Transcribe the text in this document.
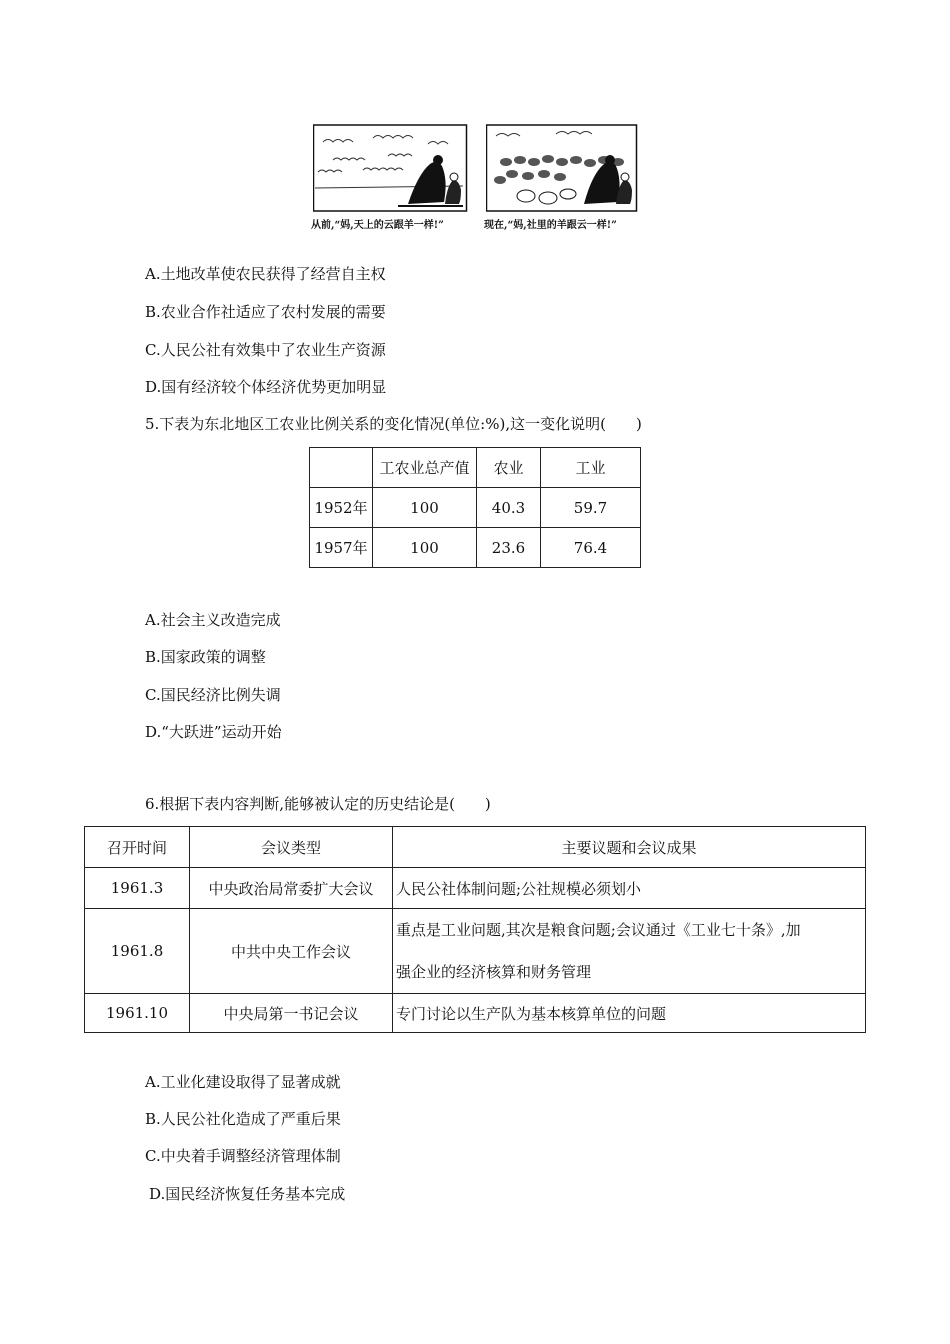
从前,“妈,天上的云跟羊一样!”	现在,“妈,社里的羊跟云一样!”
A.土地改革使农民获得了经营自主权
B.农业合作社适应了农村发展的需要
C.人民公社有效集中了农业生产资源
D.国有经济较个体经济优势更加明显
5.下表为东北地区工农业比例关系的变化情况(单位:%),这一变化说明(　　)
	工农业总产值	农业	工业
1952年	100	40.3	59.7
1957年	100	23.6	76.4
A.社会主义改造完成
B.国家政策的调整
C.国民经济比例失调
D.“大跃进”运动开始
6.根据下表内容判断,能够被认定的历史结论是(　　)
召开时间	会议类型	主要议题和会议成果
1961.3	中央政治局常委扩大会议	人民公社体制问题;公社规模必须划小
1961.8	中共中央工作会议	重点是工业问题,其次是粮食问题;会议通过《工业七十条》,加
强企业的经济核算和财务管理

1961.10	中央局第一书记会议	专门讨论以生产队为基本核算单位的问题
A.工业化建设取得了显著成就
B.人民公社化造成了严重后果
C.中央着手调整经济管理体制
D.国民经济恢复任务基本完成
